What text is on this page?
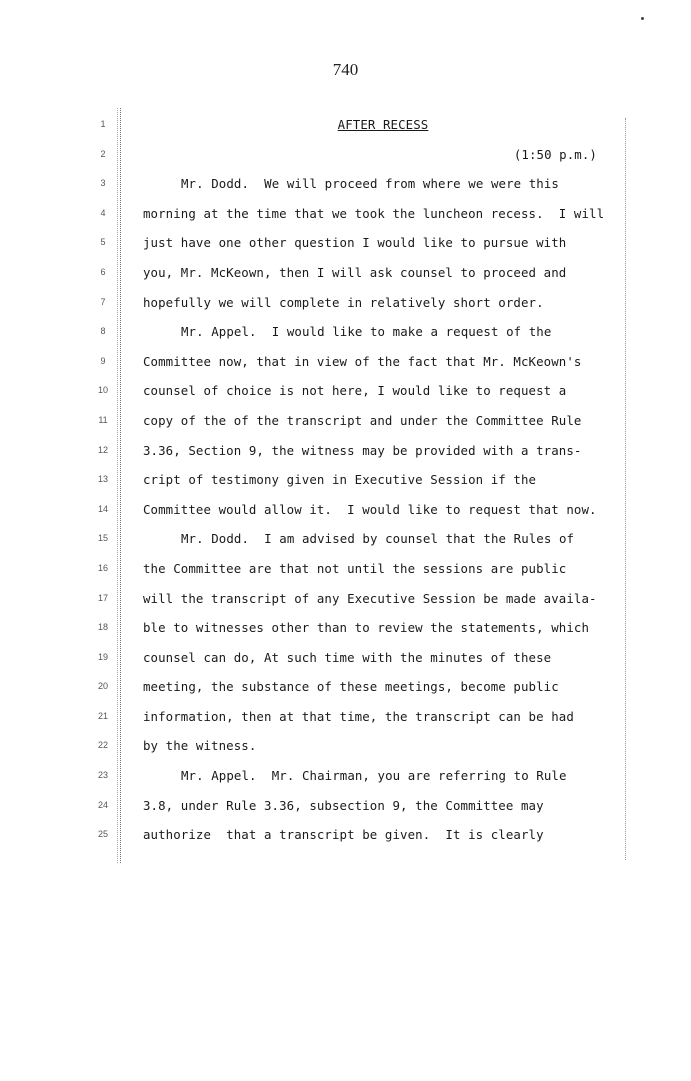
740
1
2
3
4
5
6
7
8
9
10
11
12
13
14
15
16
17
18
19
20
21
22
23
24
25
AFTER RECESS
(1:50 p.m.)
Mr. Dodd.  We will proceed from where we were this
morning at the time that we took the luncheon recess.  I will
just have one other question I would like to pursue with
you, Mr. McKeown, then I will ask counsel to proceed and
hopefully we will complete in relatively short order.
Mr. Appel.  I would like to make a request of the
Committee now, that in view of the fact that Mr. McKeown's
counsel of choice is not here, I would like to request a
copy of the of the transcript and under the Committee Rule
3.36, Section 9, the witness may be provided with a trans-
cript of testimony given in Executive Session if the
Committee would allow it.  I would like to request that now.
Mr. Dodd.  I am advised by counsel that the Rules of
the Committee are that not until the sessions are public
will the transcript of any Executive Session be made availa-
ble to witnesses other than to review the statements, which
counsel can do, At such time with the minutes of these
meeting, the substance of these meetings, become public
information, then at that time, the transcript can be had
by the witness.
Mr. Appel.  Mr. Chairman, you are referring to Rule
3.8, under Rule 3.36, subsection 9, the Committee may
authorize  that a transcript be given.  It is clearly
